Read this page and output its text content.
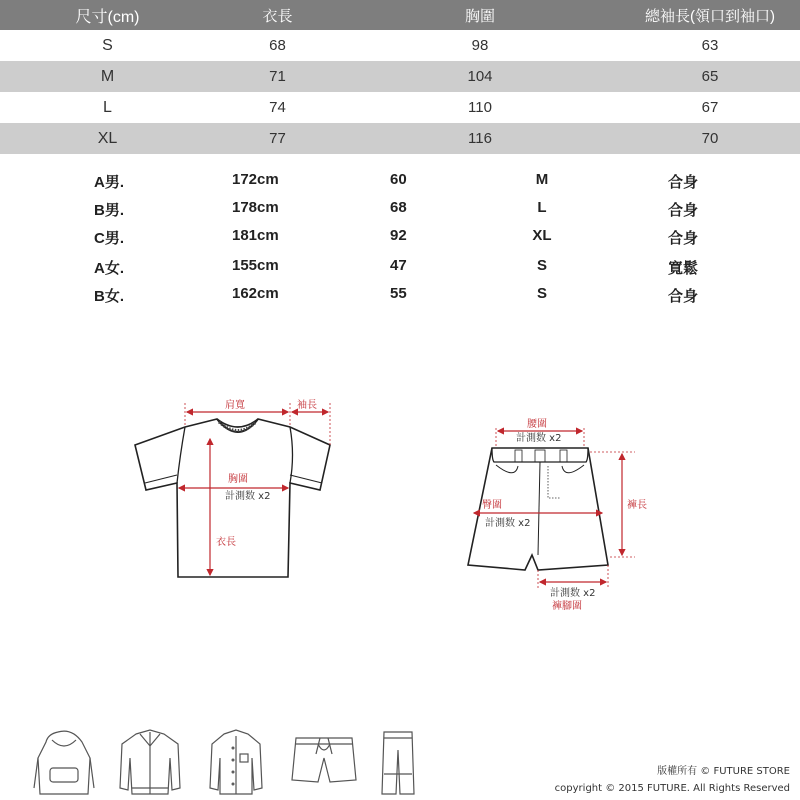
尺寸(cm)	衣長	胸圍	總袖長(領口到袖口)
S	68	98	63
M	71	104	65
L	74	110	67
XL	77	116	70
A男.	172cm	60	M	合身
B男.	178cm	68	L	合身
C男.	181cm	92	XL	合身
A女.	155cm	47	S	寬鬆
B女.	162cm	55	S	合身
肩寬	袖長
胸圍
計測数 x2
衣長
腰圍
計測数 x2
臀圍
計測数 x2
褲長
計測数 x2
褲腳圍
版權所有 © FUTURE STORE
copyright © 2015 FUTURE. All Rights Reserved
